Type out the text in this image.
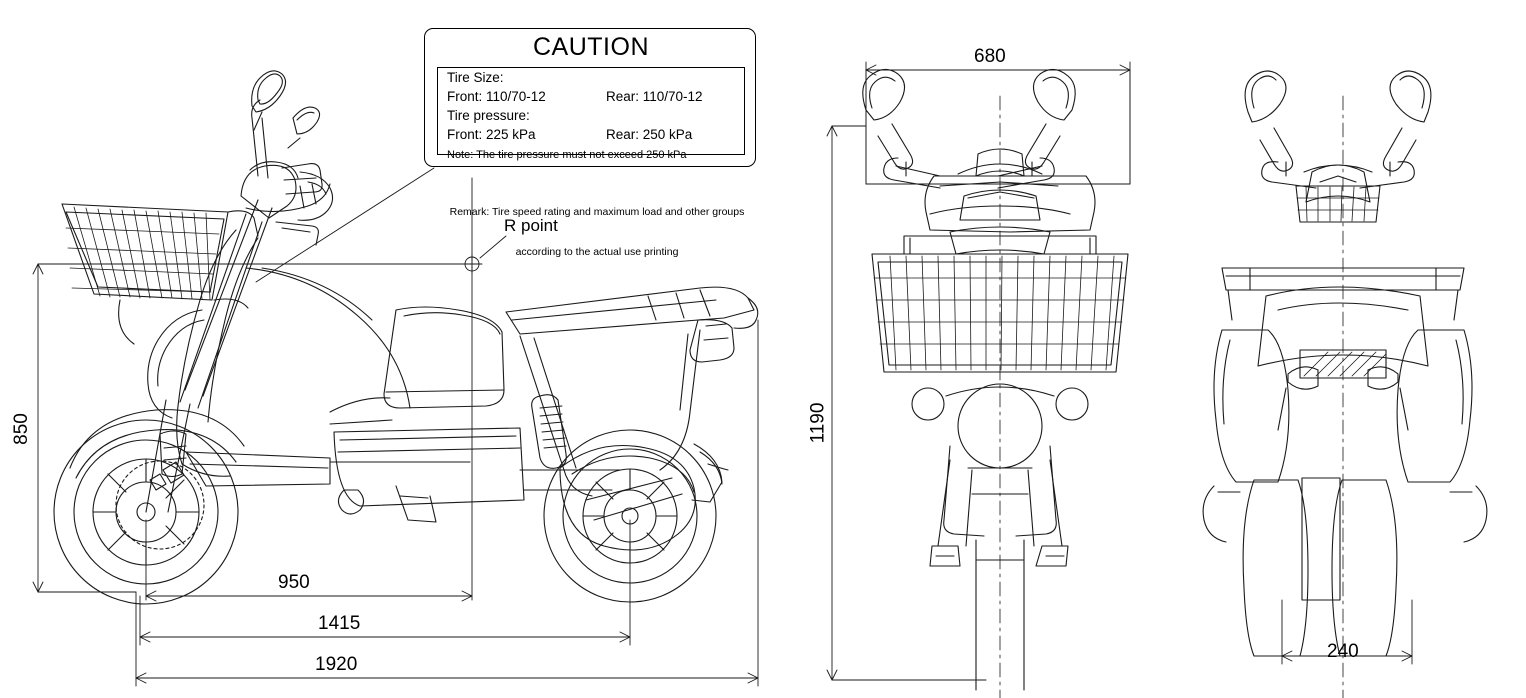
CAUTION
Tire Size:
Front: 110/70-12	Rear: 110/70-12
Tire pressure:
Front: 225 kPa	Rear: 250 kPa
Note: The tire pressure must not exceed 250 kPa

Remark: Tire speed rating and maximum load and other groups

according to the actual use printing

R point
850
950
1415
1920
680
1190
240
